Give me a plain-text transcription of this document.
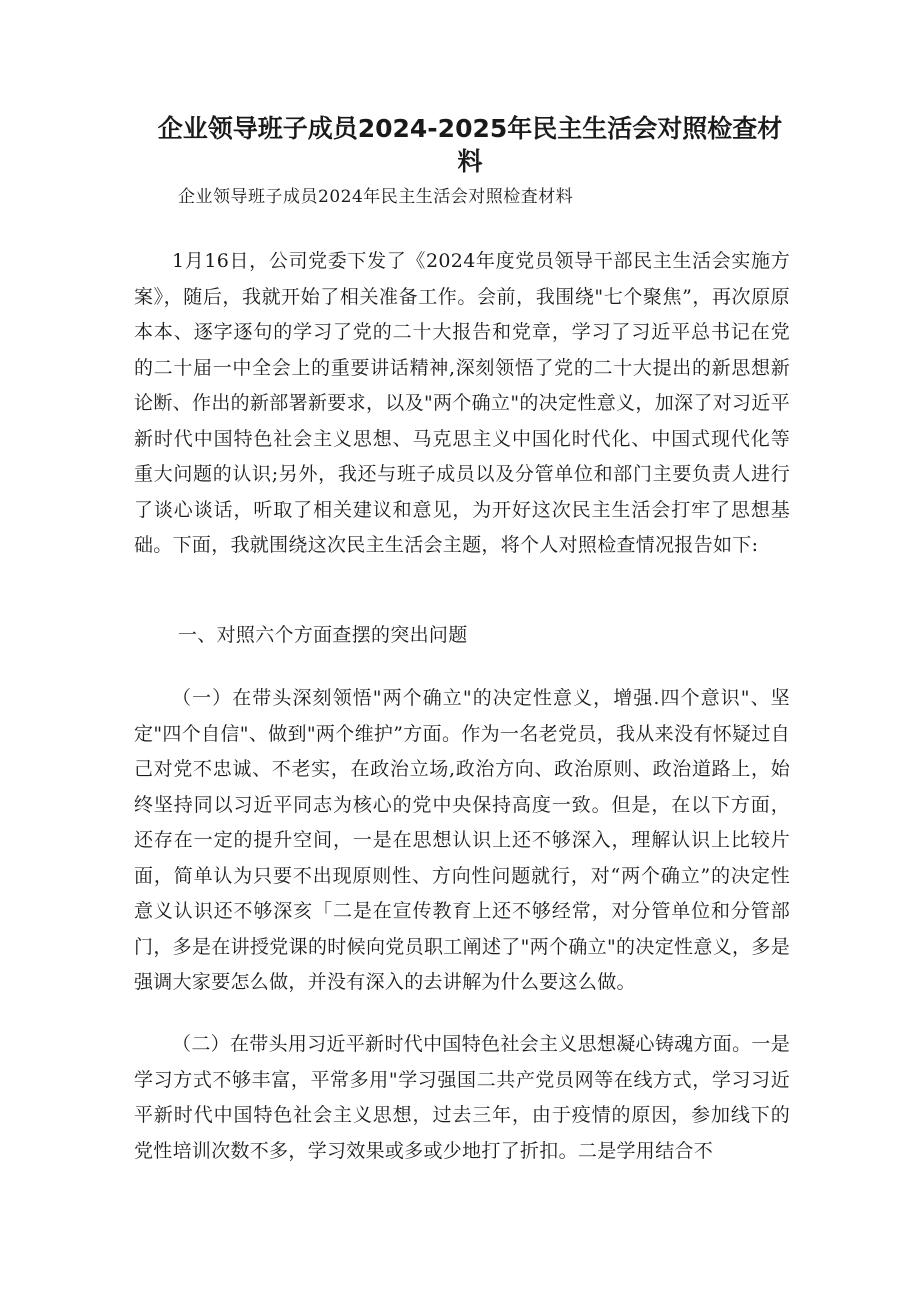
企业领导班子成员2024-2025年民主生活会对照检查材料

企业领导班子成员2024年民主生活会对照检査材料

1月16日，公司党委下发了《2024年度党员领导干部民主生活会实施方案》，随后，我就开始了相关准备工作。会前，我围绕"七个聚焦”，再次原原本本、逐字逐句的学习了党的二十大报告和党章，学习了习近平总书记在党的二十届一中全会上的重要讲话精神,深刻领悟了党的二十大提出的新思想新论断、作出的新部署新要求，以及"两个确立"的决定性意义，加深了对习近平新时代中国特色社会主义思想、马克思主义中国化时代化、中国式现代化等重大问题的认识;另外，我还与班子成员以及分管单位和部门主要负责人进行了谈心谈话，听取了相关建议和意见，为开好这次民主生活会打牢了思想基础。下面，我就围绕这次民主生活会主题，将个人对照检查情况报告如下:

一、对照六个方面查摆的突出问题

（一）在带头深刻领悟"两个确立"的决定性意义，增强.四个意识"、坚定"四个自信"、做到"两个维护”方面。作为一名老党员，我从来没有怀疑过自己对党不忠诚、不老实，在政治立场,政治方向、政治原则、政治道路上，始终坚持同以习近平同志为核心的党中央保持高度一致。但是，在以下方面，还存在一定的提升空间，一是在思想认识上还不够深入，理解认识上比较片面，简单认为只要不出现原则性、方向性问题就行，对“两个确立”的决定性意义认识还不够深亥「二是在宣传教育上还不够经常，对分管单位和分管部门，多是在讲授党课的时候向党员职工阐述了"两个确立"的决定性意义，多是强调大家要怎么做，并没有深入的去讲解为什么要这么做。

（二）在带头用习近平新时代中国特色社会主义思想凝心铸魂方面。一是学习方式不够丰富，平常多用"学习强国二共产党员网等在线方式，学习习近平新时代中国特色社会主义思想，过去三年，由于疫情的原因，参加线下的党性培训次数不多，学习效果或多或少地打了折扣。二是学用结合不
